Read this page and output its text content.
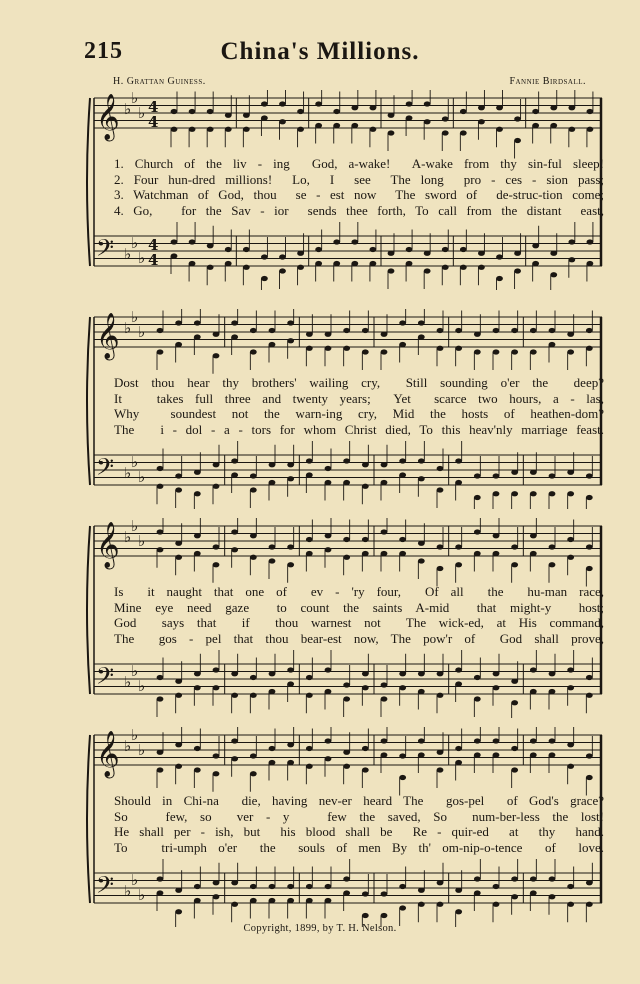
215	China's Millions.
H. Grattan Guiness.	Fannie Birdsall.
𝄞 ♭
♭
♭ 4
4
𝄢 ♭
♭
♭
4
4
1. Church of the liv - ing  God, a-wake!  A-wake from thy sin-ful sleep!
2. Four hun-dred millions!  Lo,  I  see  The long  pro - ces - sion pass;
3. Watchman of God, thou  se - est now  The sword of  de-struc-tion come;
4. Go,   for the Sav - ior  sends thee forth, To call from the distant  east,
𝄞 ♭
♭
♭
𝄢 ♭
♭
♭
Dost thou hear thy brothers' wailing cry,  Still sounding o'er the  deep?
It   takes full three and twenty years;  Yet  scarce two hours, a - las,
Why  soundest not the warn-ing cry, Mid the hosts of heathen-dom?
The   i - dol - a - tors for whom Christ died, To this heav'nly marriage feast.
𝄞 ♭
♭
♭
𝄢 ♭
♭
♭
Is  it naught that one of  ev - 'ry four,  Of all  the  hu-man race,
Mine eye need gaze  to count the saints A-mid  that might-y  host;
God  says that  if  thou warnest not  The wick-ed, at His command,
The  gos - pel that thou bear-est now, The pow'r of  God shall prove,
𝄞 ♭
♭
♭
𝄢 ♭
♭
♭
Should in Chi-na  die, having nev-er heard The  gos-pel  of God's grace?
So   few, so  ver - y   few the saved, So  num-ber-less the lost!
He shall per - ish, but  his blood shall be  Re - quir-ed  at  thy  hand.
To   tri-umph o'er  the  souls of men By th' om-nip-o-tence  of  love.
Copyright, 1899, by T. H. Nelson.
